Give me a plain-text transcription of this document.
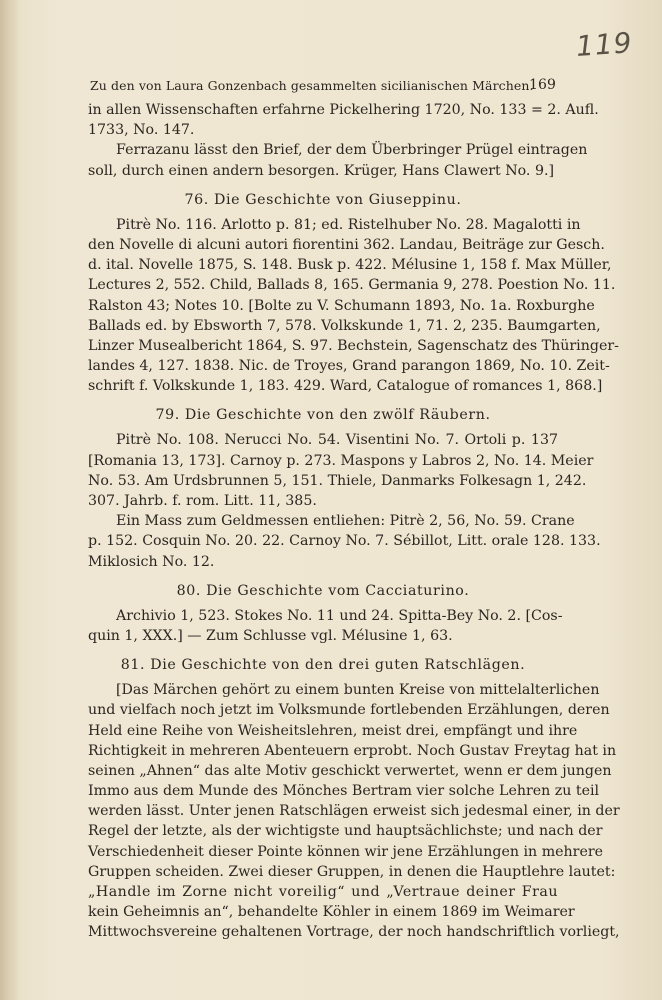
119
Zu den von Laura Gonzenbach gesammelten sicilianischen Märchen.
169
in allen Wissenschaften erfahrne Pickelhering 1720, No. 133 = 2. Aufl.
1733, No. 147.
Ferrazanu lässt den Brief, der dem Überbringer Prügel eintragen
soll, durch einen andern besorgen. Krüger, Hans Clawert No. 9.]
76. Die Geschichte von Giuseppinu.
Pitrè No. 116. Arlotto p. 81; ed. Ristelhuber No. 28. Magalotti in
den Novelle di alcuni autori fiorentini 362. Landau, Beiträge zur Gesch.
d. ital. Novelle 1875, S. 148. Busk p. 422. Mélusine 1, 158 f. Max Müller,
Lectures 2, 552. Child, Ballads 8, 165. Germania 9, 278. Poestion No. 11.
Ralston 43; Notes 10. [Bolte zu V. Schumann 1893, No. 1a. Roxburghe
Ballads ed. by Ebsworth 7, 578. Volkskunde 1, 71. 2, 235. Baumgarten,
Linzer Musealbericht 1864, S. 97. Bechstein, Sagenschatz des Thüringer-
landes 4, 127. 1838. Nic. de Troyes, Grand parangon 1869, No. 10. Zeit-
schrift f. Volkskunde 1, 183. 429. Ward, Catalogue of romances 1, 868.]
79. Die Geschichte von den zwölf Räubern.
Pitrè No. 108. Nerucci No. 54. Visentini No. 7. Ortoli p. 137
[Romania 13, 173]. Carnoy p. 273. Maspons y Labros 2, No. 14. Meier
No. 53. Am Urdsbrunnen 5, 151. Thiele, Danmarks Folkesagn 1, 242.
307. Jahrb. f. rom. Litt. 11, 385.
Ein Mass zum Geldmessen entliehen: Pitrè 2, 56, No. 59. Crane
p. 152. Cosquin No. 20. 22. Carnoy No. 7. Sébillot, Litt. orale 128. 133.
Miklosich No. 12.
80. Die Geschichte vom Cacciaturino.
Archivio 1, 523. Stokes No. 11 und 24. Spitta-Bey No. 2. [Cos-
quin 1, XXX.] — Zum Schlusse vgl. Mélusine 1, 63.
81. Die Geschichte von den drei guten Ratschlägen.
[Das Märchen gehört zu einem bunten Kreise von mittelalterlichen
und vielfach noch jetzt im Volksmunde fortlebenden Erzählungen, deren
Held eine Reihe von Weisheitslehren, meist drei, empfängt und ihre
Richtigkeit in mehreren Abenteuern erprobt. Noch Gustav Freytag hat in
seinen „Ahnen“ das alte Motiv geschickt verwertet, wenn er dem jungen
Immo aus dem Munde des Mönches Bertram vier solche Lehren zu teil
werden lässt. Unter jenen Ratschlägen erweist sich jedesmal einer, in der
Regel der letzte, als der wichtigste und hauptsächlichste; und nach der
Verschiedenheit dieser Pointe können wir jene Erzählungen in mehrere
Gruppen scheiden. Zwei dieser Gruppen, in denen die Hauptlehre lautet:
„Handle im Zorne nicht voreilig“ und „Vertraue deiner Frau
kein Geheimnis an“, behandelte Köhler in einem 1869 im Weimarer
Mittwochsvereine gehaltenen Vortrage, der noch handschriftlich vorliegt,
